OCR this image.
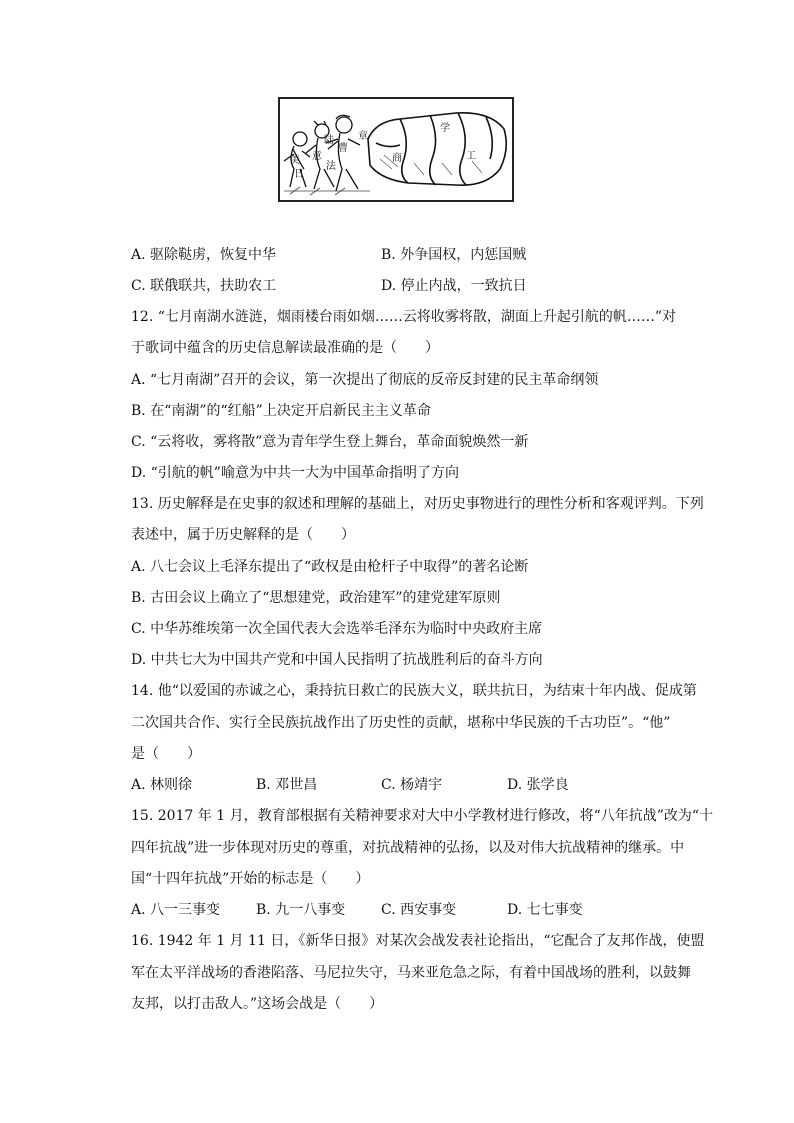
美
日
意
法
曹
陆 章
商
学
工
A. 驱除鞑虏，恢复中华	B. 外争国权，内惩国贼
C. 联俄联共，扶助农工	D. 停止内战，一致抗日
12. “七月南湖水涟涟，烟雨楼台雨如烟……云将收雾将散，湖面上升起引航的帆……”对
于歌词中蕴含的历史信息解读最准确的是（　　）
A. “七月南湖”召开的会议，第一次提出了彻底的反帝反封建的民主革命纲领
B. 在“南湖”的“红船”上决定开启新民主主义革命
C. “云将收，雾将散”意为青年学生登上舞台，革命面貌焕然一新
D. “引航的帆”喻意为中共一大为中国革命指明了方向
13. 历史解释是在史事的叙述和理解的基础上，对历史事物进行的理性分析和客观评判。下列
表述中，属于历史解释的是（　　）
A. 八七会议上毛泽东提出了“政权是由枪杆子中取得”的著名论断
B. 古田会议上确立了“思想建党，政治建军”的建党建军原则
C. 中华苏维埃第一次全国代表大会选举毛泽东为临时中央政府主席
D. 中共七大为中国共产党和中国人民指明了抗战胜利后的奋斗方向
14. 他“以爱国的赤诚之心，秉持抗日救亡的民族大义，联共抗日，为结束十年内战、促成第
二次国共合作、实行全民族抗战作出了历史性的贡献，堪称中华民族的千古功臣”。“他”
是（　　）
A. 林则徐	B. 邓世昌	C. 杨靖宇	D. 张学良
15. 2017 年 1 月，教育部根据有关精神要求对大中小学教材进行修改，将“八年抗战”改为“十
四年抗战”进一步体现对历史的尊重，对抗战精神的弘扬，以及对伟大抗战精神的继承。中
国“十四年抗战”开始的标志是（　　）
A. 八一三事变	B. 九一八事变	C. 西安事变	D. 七七事变
16. 1942 年 1 月 11 日，《新华日报》对某次会战发表社论指出，“它配合了友邦作战，使盟
军在太平洋战场的香港陷落、马尼拉失守，马来亚危急之际，有着中国战场的胜利，以鼓舞
友邦，以打击敌人。”这场会战是（　　）
